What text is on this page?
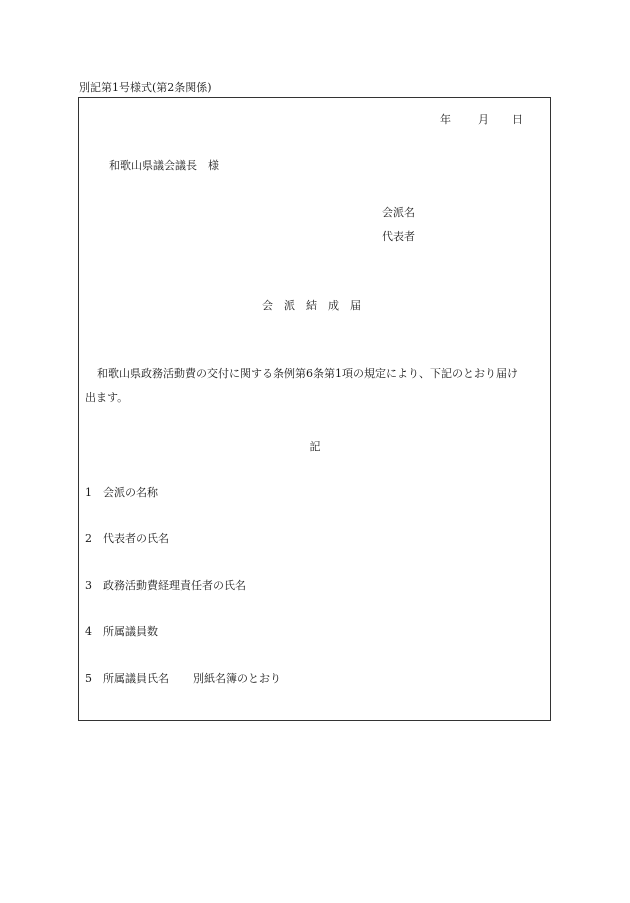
別記第1号様式(第2条関係)
年 月 日
和歌山県議会議長　様
会派名
代表者
会派結成届
和歌山県政務活動費の交付に関する条例第6条第1項の規定により、下記のとおり届け
出ます。
記
1 会派の名称
2 代表者の氏名
3 政務活動費経理責任者の氏名
4 所属議員数
5 所属議員氏名 別紙名簿のとおり
